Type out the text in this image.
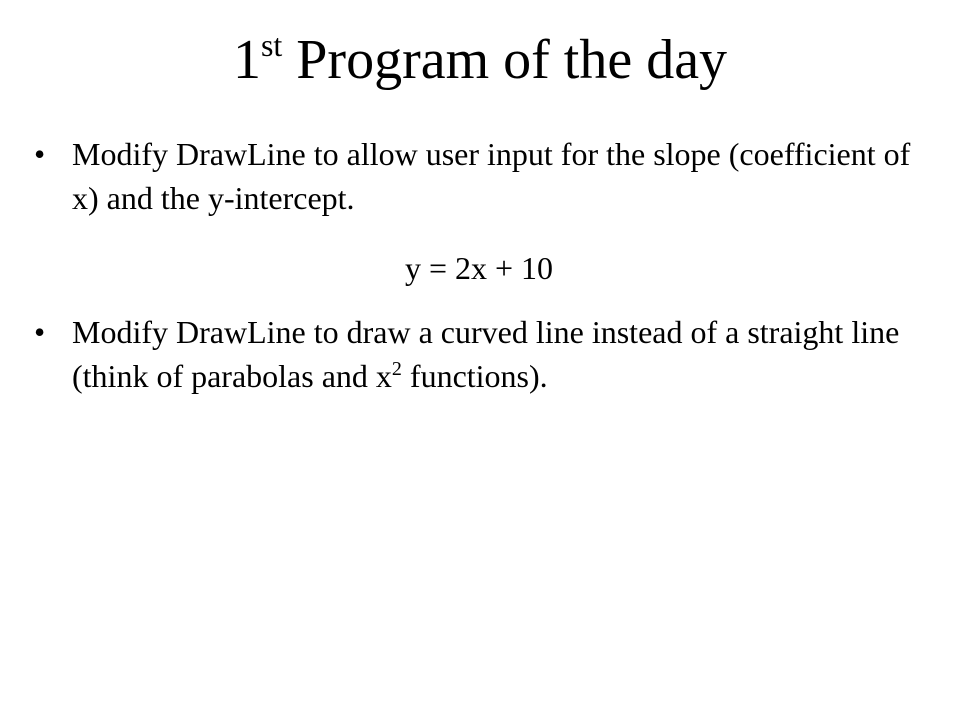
1st Program of the day
• Modify DrawLine to allow user input for the slope (coefficient of x) and the y-intercept.
y = 2x + 10
• Modify DrawLine to draw a curved line instead of a straight line (think of parabolas and $x^2$ functions).
